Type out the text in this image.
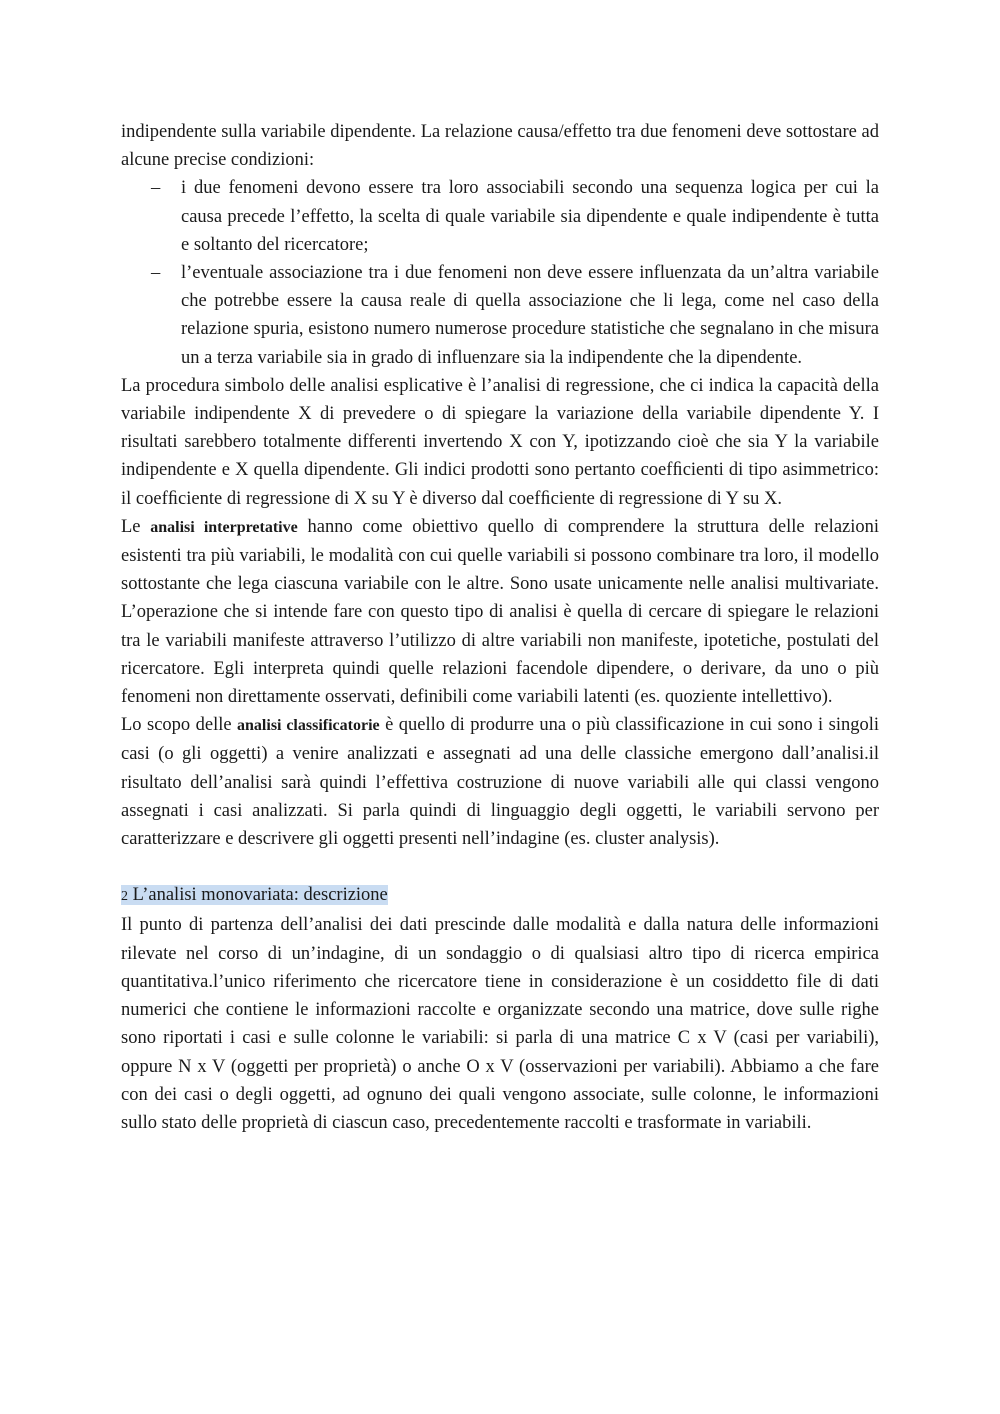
indipendente sulla variabile dipendente. La relazione causa/effetto tra due fenomeni deve sottostare ad alcune precise condizioni:

– i due fenomeni devono essere tra loro associabili secondo una sequenza logica per cui la causa precede l’effetto, la scelta di quale variabile sia dipendente e quale indipendente è tutta e soltanto del ricercatore;
– l’eventuale associazione tra i due fenomeni non deve essere influenzata da un’altra variabile che potrebbe essere la causa reale di quella associazione che li lega, come nel caso della relazione spuria, esistono numero numerose procedure statistiche che segnalano in che misura un a terza variabile sia in grado di influenzare sia la indipendente che la dipendente.

La procedura simbolo delle analisi esplicative è l’analisi di regressione, che ci indica la capacità della variabile indipendente X di prevedere o di spiegare la variazione della variabile dipendente Y. I risultati sarebbero totalmente differenti invertendo X con Y, ipotizzando cioè che sia Y la variabile indipendente e X quella dipendente. Gli indici prodotti sono pertanto coefﬁcienti di tipo asimmetrico: il coefﬁciente di regressione di X su Y è diverso dal coefﬁciente di regressione di Y su X.

Le analisi interpretative hanno come obiettivo quello di comprendere la struttura delle relazioni esistenti tra più variabili, le modalità con cui quelle variabili si possono combinare tra loro, il modello sottostante che lega ciascuna variabile con le altre. Sono usate unicamente nelle analisi multivariate. L’operazione che si intende fare con questo tipo di analisi è quella di cercare di spiegare le relazioni tra le variabili manifeste attraverso l’utilizzo di altre variabili non manifeste, ipotetiche, postulati del ricercatore. Egli interpreta quindi quelle relazioni facendole dipendere, o derivare, da uno o più fenomeni non direttamente osservati, definibili come variabili latenti (es. quoziente intellettivo).

Lo scopo delle analisi classificatorie è quello di produrre una o più classificazione in cui sono i singoli casi (o gli oggetti) a venire analizzati e assegnati ad una delle classiche emergono dall’analisi.il risultato dell’analisi sarà quindi l’effettiva costruzione di nuove variabili alle qui classi vengono assegnati i casi analizzati. Si parla quindi di linguaggio degli oggetti, le variabili servono per caratterizzare e descrivere gli oggetti presenti nell’indagine (es. cluster analysis).

2 L’analisi monovariata: descrizione

Il punto di partenza dell’analisi dei dati prescinde dalle modalità e dalla natura delle informazioni rilevate nel corso di un’indagine, di un sondaggio o di qualsiasi altro tipo di ricerca empirica quantitativa.l’unico riferimento che ricercatore tiene in considerazione è un cosiddetto file di dati numerici che contiene le informazioni raccolte e organizzate secondo una matrice, dove sulle righe sono riportati i casi e sulle colonne le variabili: si parla di una matrice C x V (casi per variabili), oppure N x V (oggetti per proprietà) o anche O x V (osservazioni per variabili). Abbiamo a che fare con dei casi o degli oggetti, ad ognuno dei quali vengono associate, sulle colonne, le informazioni sullo stato delle proprietà di ciascun caso, precedentemente raccolti e trasformate in variabili.
